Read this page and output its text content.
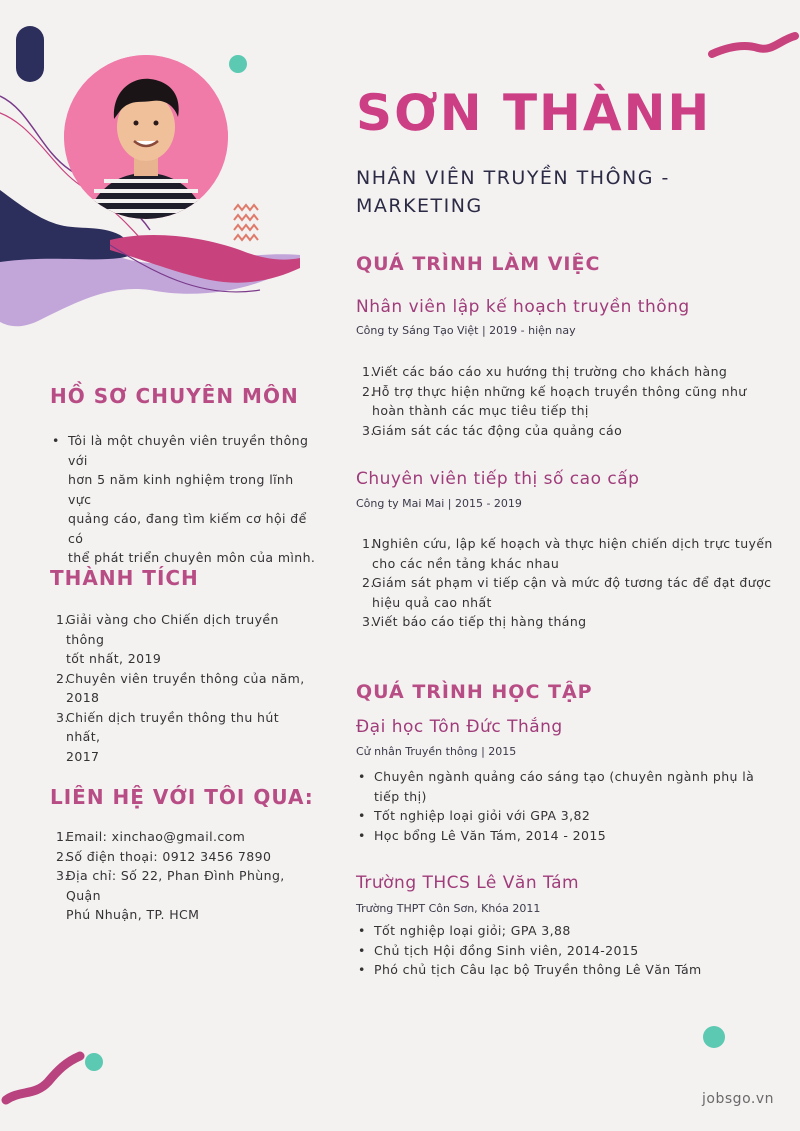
SƠN THÀNH
NHÂN VIÊN TRUYỀN THÔNG - MARKETING
HỒ SƠ CHUYÊN MÔN
• Tôi là một chuyên viên truyền thông với
hơn 5 năm kinh nghiệm trong lĩnh vực
quảng cáo, đang tìm kiếm cơ hội để có
thể phát triển chuyên môn của mình.
THÀNH TÍCH
1.
Giải vàng cho Chiến dịch truyền thông
tốt nhất, 2019
2.
Chuyên viên truyền thông của năm,
2018
3.
Chiến dịch truyền thông thu hút nhất,
2017
LIÊN HỆ VỚI TÔI QUA:
1.
Email: xinchao@gmail.com
2.
Số điện thoại: 0912 3456 7890
3.
Địa chỉ: Số 22, Phan Đình Phùng, Quận
Phú Nhuận, TP. HCM
QUÁ TRÌNH LÀM VIỆC
Nhân viên lập kế hoạch truyền thông
Công ty Sáng Tạo Việt | 2019 - hiện nay
1.
Viết các báo cáo xu hướng thị trường cho khách hàng
2.
Hỗ trợ thực hiện những kế hoạch truyền thông cũng như
hoàn thành các mục tiêu tiếp thị
3.
Giám sát các tác động của quảng cáo
Chuyên viên tiếp thị số cao cấp
Công ty Mai Mai | 2015 - 2019
1.
Nghiên cứu, lập kế hoạch và thực hiện chiến dịch trực tuyến
cho các nền tảng khác nhau
2.
Giám sát phạm vi tiếp cận và mức độ tương tác để đạt được
hiệu quả cao nhất
3.
Viết báo cáo tiếp thị hàng tháng
QUÁ TRÌNH HỌC TẬP
Đại học Tôn Đức Thắng
Cử nhân Truyền thông | 2015
• Chuyên ngành quảng cáo sáng tạo (chuyên ngành phụ là
tiếp thị)
• Tốt nghiệp loại giỏi với GPA 3,82
• Học bổng Lê Văn Tám, 2014 - 2015
Trường THCS Lê Văn Tám
Trường THPT Côn Sơn, Khóa 2011
• Tốt nghiệp loại giỏi; GPA 3,88
• Chủ tịch Hội đồng Sinh viên, 2014-2015
• Phó chủ tịch Câu lạc bộ Truyền thông Lê Văn Tám
jobsgo.vn
